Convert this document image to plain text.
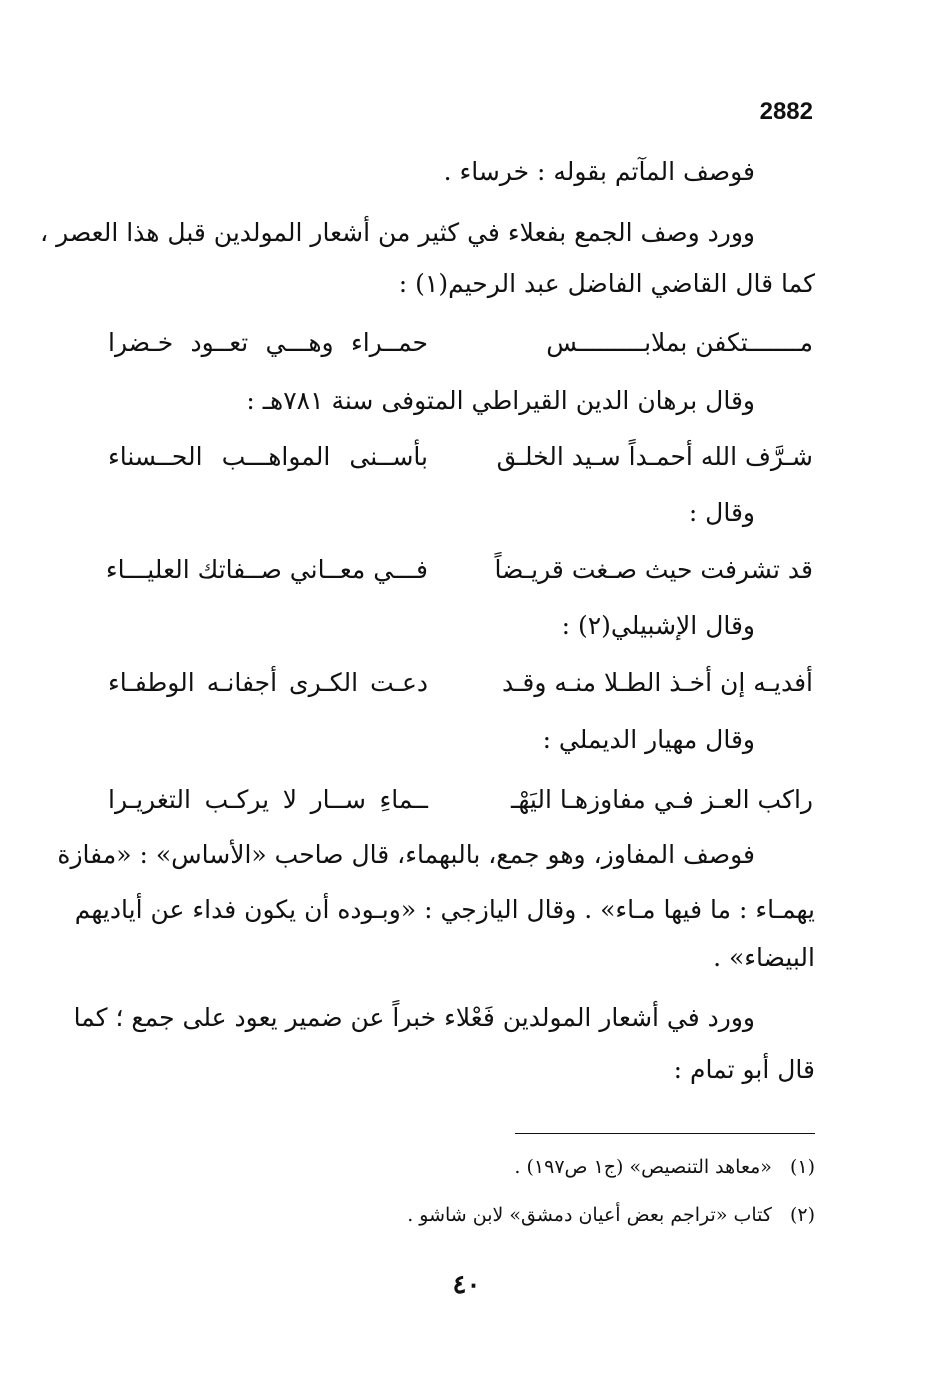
2882
فوصف المآتم بقوله : خرساء .
وورد وصف الجمع بفعلاء في كثير من أشعار المولدين قبل هذا العصر ،
كما قال القاضي الفاضل عبد الرحيم(١) :
مـــــــتكفن بملابـــــــــس
حمــراء وهـــي تعــود خـضرا
وقال برهان الدين القيراطي المتوفى سنة ٧٨١هـ :
شـرَّف الله أحمـداً سـيد الخلـق
بأســنى المواهـــب الحــسناء
وقال :
قد تشرفت حيث صـغت قريـضاً
فـــي معــاني صــفاتك العليـــاء
وقال الإشبيلي(٢) :
أفديـه إن أخـذ الطـلا منـه وقـد
دعـت الكـرى أجفانـه الوطفـاء
وقال مهيار الديملي :
راكب العـز فـي مفاوزهـا اليَهْـ
ــماءِ ســار لا يركـب التغريـرا
فوصف المفاوز، وهو جمع، بالبهماء، قال صاحب «الأساس» : «مفازة
يهمـاء : ما فيها مـاء» . وقال اليازجي : «وبـوده أن يكون فداء عن أياديهم
البيضاء» .
وورد في أشعار المولدين فَعْلاء خبراً عن ضمير يعود على جمع ؛ كما
قال أبو تمام :
(١)«معاهد التنصيص» (ج١ ص١٩٧) .
(٢)كتاب «تراجم بعض أعيان دمشق» لابن شاشو .
٤٠
